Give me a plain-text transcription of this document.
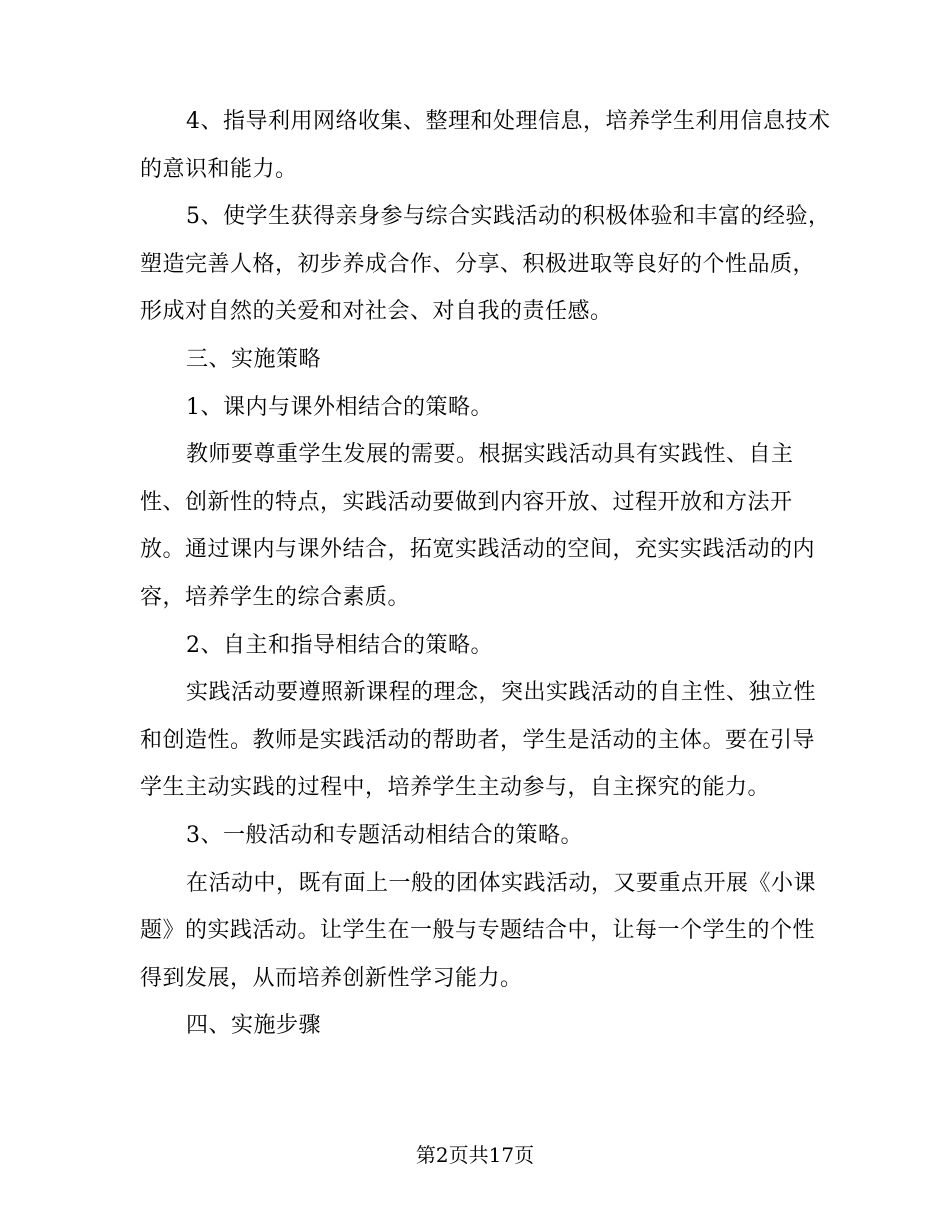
4、指导利用网络收集、整理和处理信息，培养学生利用信息技术
的意识和能力。

5、使学生获得亲身参与综合实践活动的积极体验和丰富的经验，
塑造完善人格，初步养成合作、分享、积极进取等良好的个性品质，
形成对自然的关爱和对社会、对自我的责任感。

三、实施策略

1、课内与课外相结合的策略。

教师要尊重学生发展的需要。根据实践活动具有实践性、自主
性、创新性的特点，实践活动要做到内容开放、过程开放和方法开
放。通过课内与课外结合，拓宽实践活动的空间，充实实践活动的内
容，培养学生的综合素质。

2、自主和指导相结合的策略。

实践活动要遵照新课程的理念，突出实践活动的自主性、独立性
和创造性。教师是实践活动的帮助者，学生是活动的主体。要在引导
学生主动实践的过程中，培养学生主动参与，自主探究的能力。

3、一般活动和专题活动相结合的策略。

在活动中，既有面上一般的团体实践活动，又要重点开展《小课
题》的实践活动。让学生在一般与专题结合中，让每一个学生的个性
得到发展，从而培养创新性学习能力。

四、实施步骤

第2页共17页
